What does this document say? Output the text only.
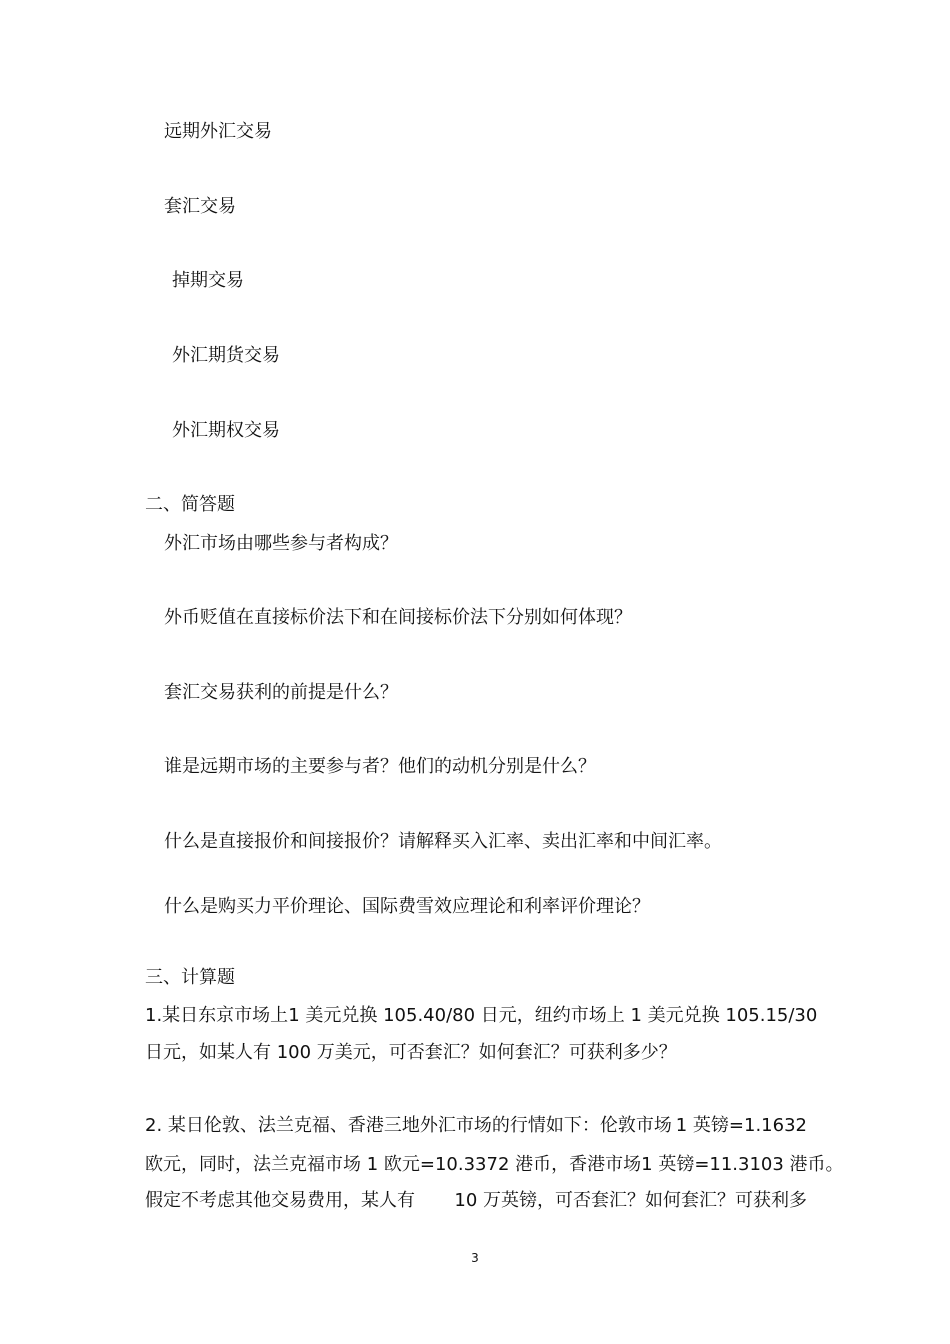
远期外汇交易
套汇交易
掉期交易
外汇期货交易
外汇期权交易
二、简答题
外汇市场由哪些参与者构成？
外币贬值在直接标价法下和在间接标价法下分别如何体现？
套汇交易获利的前提是什么？
谁是远期市场的主要参与者？他们的动机分别是什么？
什么是直接报价和间接报价？请解释买入汇率、卖出汇率和中间汇率。
什么是购买力平价理论、国际费雪效应理论和利率评价理论？
三、计算题
1.某日东京市场上 1 美元兑换 105.40/80 日元，纽约市场上 1 美元兑换 105.15/30
日元，如某人有 100 万美元，可否套汇？如何套汇？可获利多少？
2. 某日伦敦、法兰克福、香港三地外汇市场的行情如下：伦敦市场 1 英镑=1.1632
欧元，同时，法兰克福市场 1 欧元=10.3372 港币，香港市场 1 英镑=11.3103 港币。
假定不考虑其他交易费用，某人有 10 万英镑，可否套汇？如何套汇？可获利多
3
